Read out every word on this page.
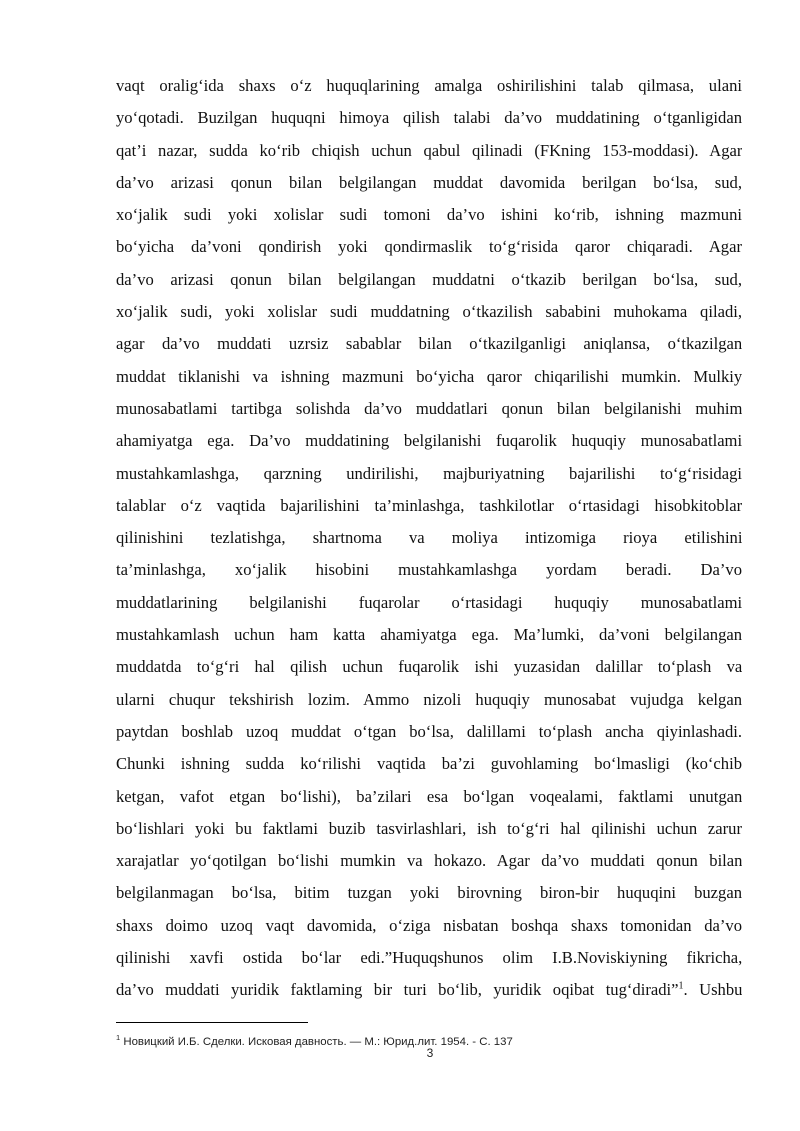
vaqt oralig‘ida shaxs o‘z huquqlarining amalga oshirilishini talab qilmasa, ulani
yo‘qotadi. Buzilgan huquqni himoya qilish talabi da’vo muddatining o‘tganligidan
qat’i nazar, sudda ko‘rib chiqish uchun qabul qilinadi (FKning 153-moddasi). Agar
da’vo arizasi qonun bilan belgilangan muddat davomida berilgan bo‘lsa, sud,
xo‘jalik sudi yoki xolislar sudi tomoni da’vo ishini ko‘rib, ishning mazmuni
bo‘yicha da’voni qondirish yoki qondirmaslik to‘g‘risida qaror chiqaradi. Agar
da’vo arizasi qonun bilan belgilangan muddatni o‘tkazib berilgan bo‘lsa, sud,
xo‘jalik sudi, yoki xolislar sudi muddatning o‘tkazilish sababini muhokama qiladi,
agar da’vo muddati uzrsiz sabablar bilan o‘tkazilganligi aniqlansa, o‘tkazilgan
muddat tiklanishi va ishning mazmuni bo‘yicha qaror chiqarilishi mumkin. Mulkiy
munosabatlami tartibga solishda da’vo muddatlari qonun bilan belgilanishi muhim
ahamiyatga ega. Da’vo muddatining belgilanishi fuqarolik huquqiy munosabatlami
mustahkamlashga, qarzning undirilishi, majburiyatning bajarilishi to‘g‘risidagi
talablar o‘z vaqtida bajarilishini ta’minlashga, tashkilotlar o‘rtasidagi hisobkitoblar
qilinishini tezlatishga, shartnoma va moliya intizomiga rioya etilishini
ta’minlashga, xo‘jalik hisobini mustahkamlashga yordam beradi. Da’vo
muddatlarining belgilanishi fuqarolar o‘rtasidagi huquqiy munosabatlami
mustahkamlash uchun ham katta ahamiyatga ega. Ma’lumki, da’voni belgilangan
muddatda to‘g‘ri hal qilish uchun fuqarolik ishi yuzasidan dalillar to‘plash va
ularni chuqur tekshirish lozim. Ammo nizoli huquqiy munosabat vujudga kelgan
paytdan boshlab uzoq muddat o‘tgan bo‘lsa, dalillami to‘plash ancha qiyinlashadi.
Chunki ishning sudda ko‘rilishi vaqtida ba’zi guvohlaming bo‘lmasligi (ko‘chib
ketgan, vafot etgan bo‘lishi), ba’zilari esa bo‘lgan voqealami, faktlami unutgan
bo‘lishlari yoki bu faktlami buzib tasvirlashlari, ish to‘g‘ri hal qilinishi uchun zarur
xarajatlar yo‘qotilgan bo‘lishi mumkin va hokazo. Agar da’vo muddati qonun bilan
belgilanmagan bo‘lsa, bitim tuzgan yoki birovning biron-bir huquqini buzgan
shaxs doimo uzoq vaqt davomida, o‘ziga nisbatan boshqa shaxs tomonidan da’vo
qilinishi xavfi ostida bo‘lar edi.”Huquqshunos olim I.B.Noviskiyning fikricha,
da’vo muddati yuridik faktlaming bir turi bo‘lib, yuridik oqibat tug‘diradi”$^1$. Ushbu
$^1$ Новицкий И.Б. Сделки. Исковая давность. — М.: Юрид.лит. 1954. - С. 137
3
